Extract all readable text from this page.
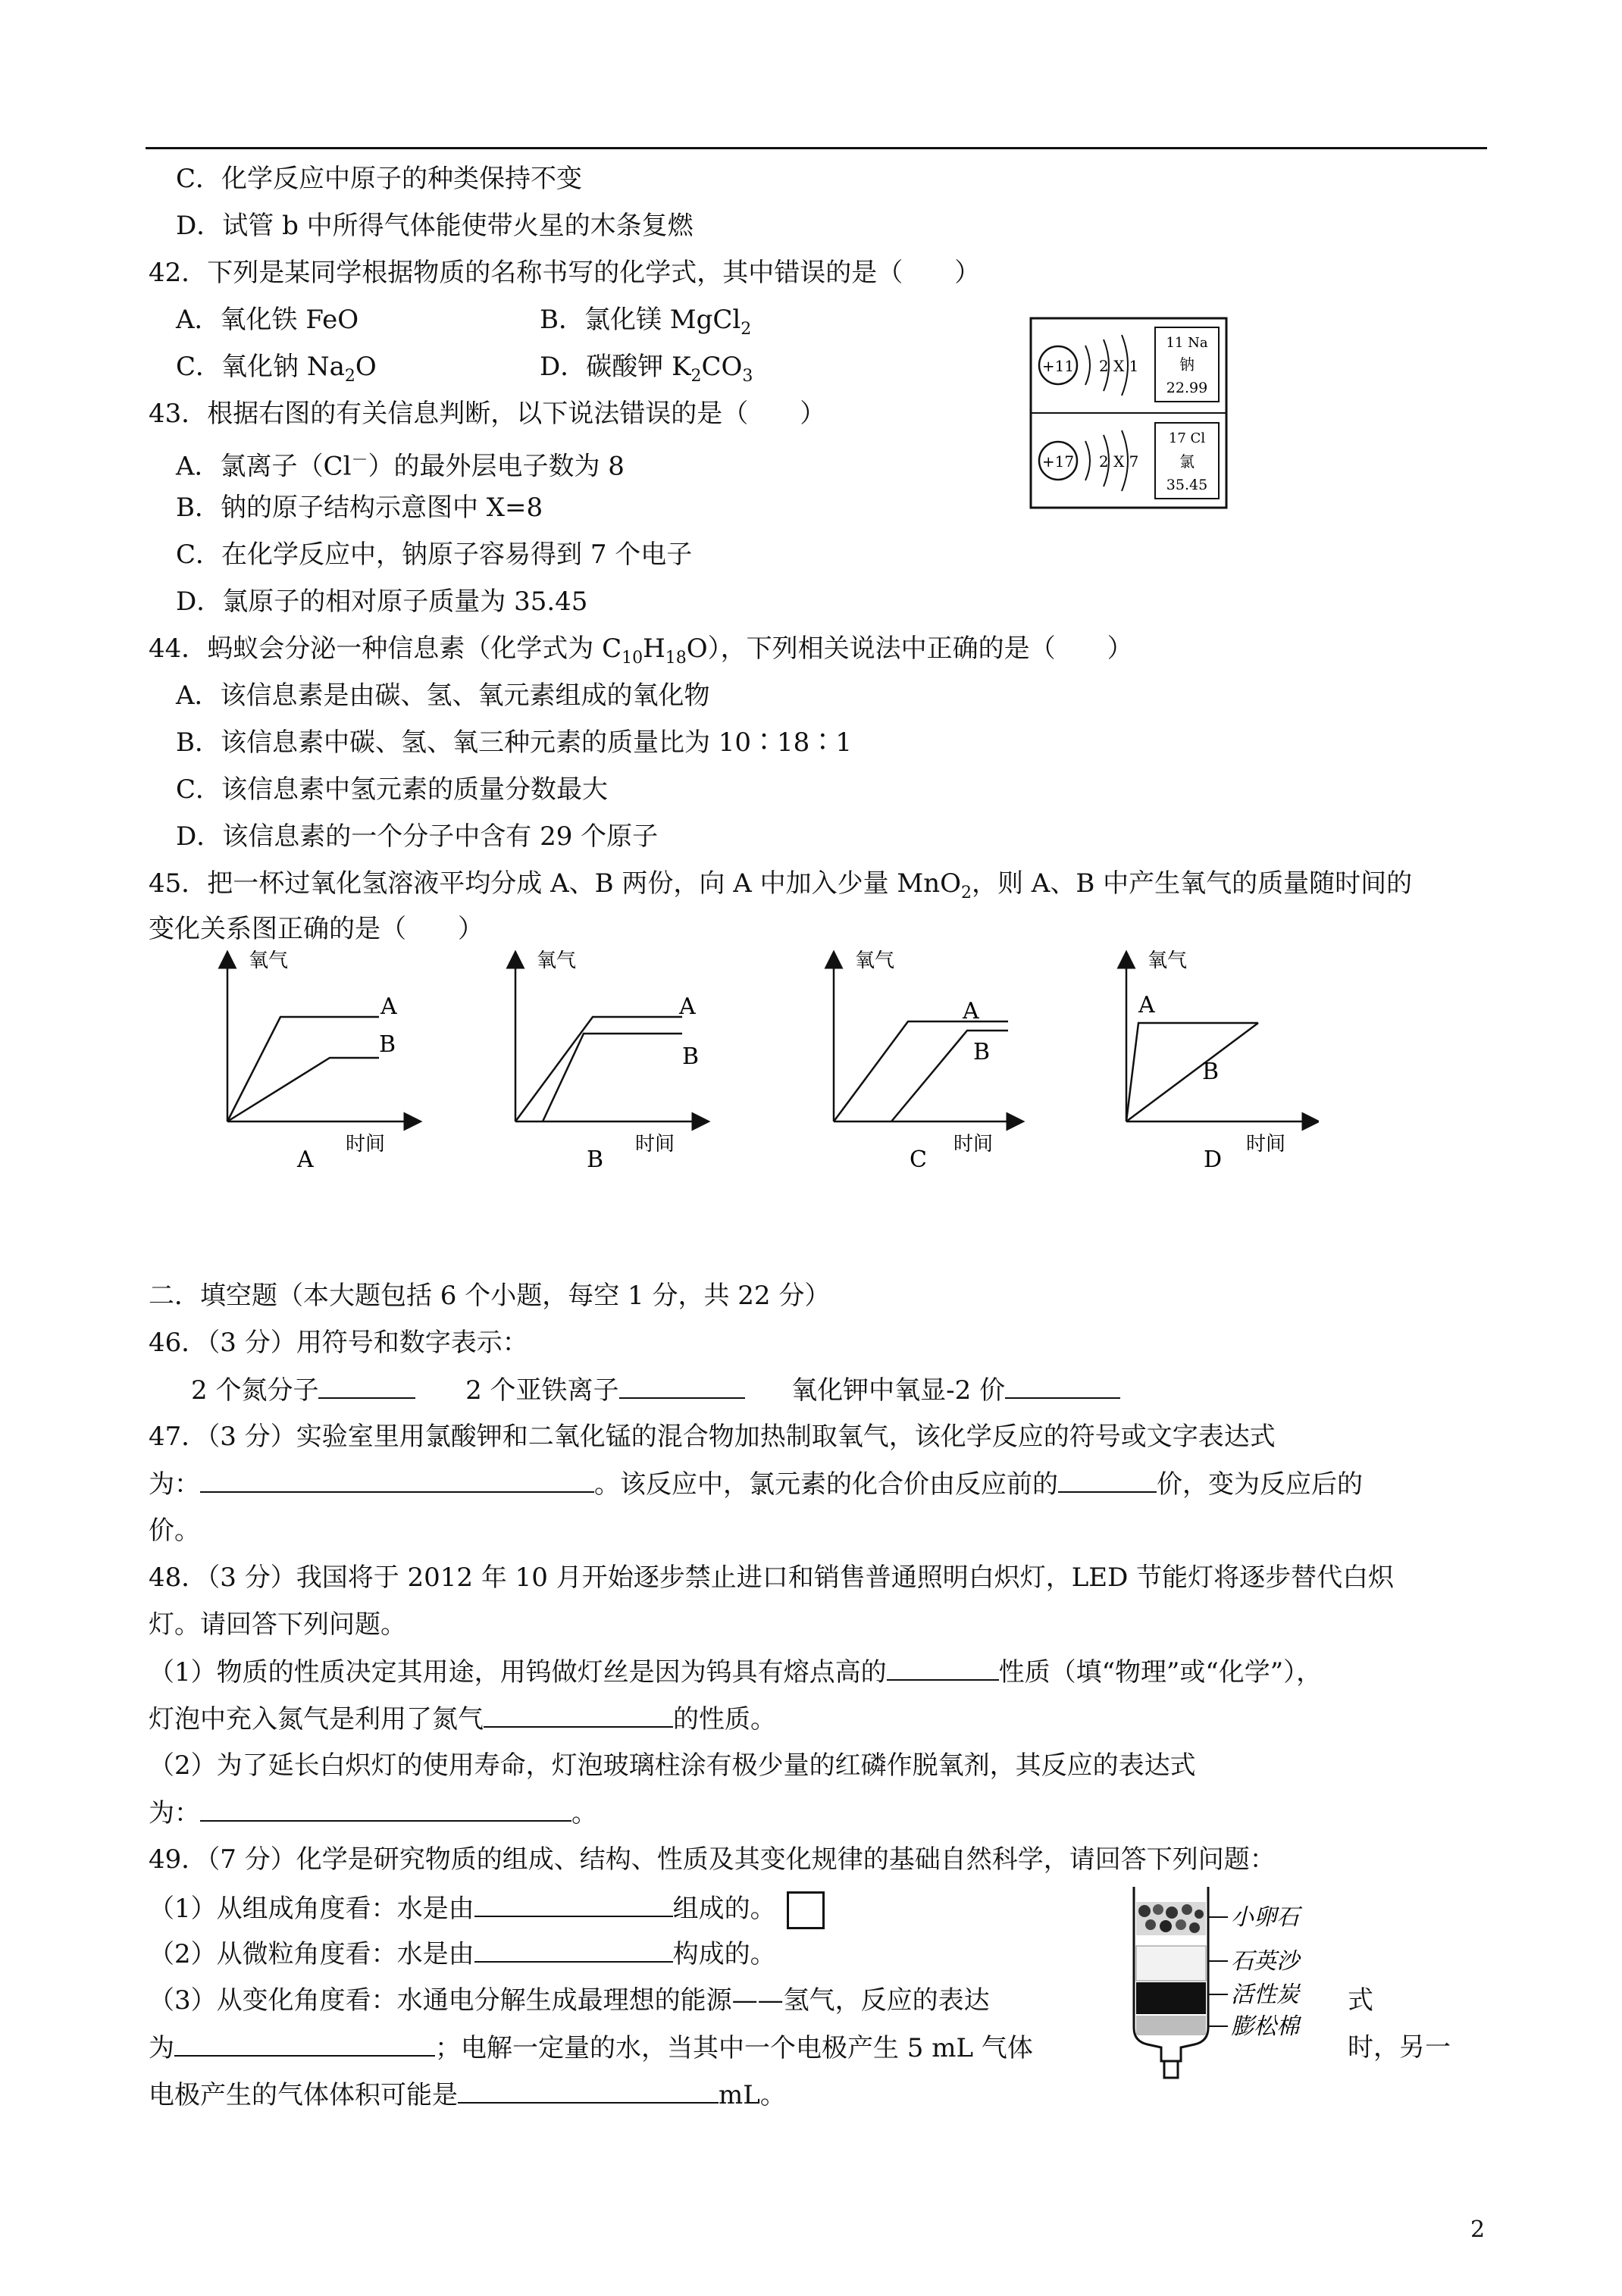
C．化学反应中原子的种类保持不变
D．试管 b 中所得气体能使带火星的木条复燃
42．下列是某同学根据物质的名称书写的化学式，其中错误的是（　　）
A．氧化铁 FeO	B．氯化镁 MgCl$_2$
C．氧化钠 $Na_2O$	D．碳酸钾 $K_2CO_3$
+11 2 X 1
11 Na
钠
22.99
+17 2 X 7
17 Cl
氯
35.45
43．根据右图的有关信息判断，以下说法错误的是（　　）
A．氯离子（Cl－）的最外层电子数为 8
B．钠的原子结构示意图中 X=8
C．在化学反应中，钠原子容易得到 7 个电子
D．氯原子的相对原子质量为 35.45
44．蚂蚁会分泌一种信息素（化学式为 $C_{10}H_{18}O$），下列相关说法中正确的是（　　）
A．该信息素是由碳、氢、氧元素组成的氧化物
B．该信息素中碳、氢、氧三种元素的质量比为 10∶18∶1
C．该信息素中氢元素的质量分数最大
D．该信息素的一个分子中含有 29 个原子
45．把一杯过氧化氢溶液平均分成 A、B 两份，向 A 中加入少量 MnO$_2$，则 A、B 中产生氧气的质量随时间的
变化关系图正确的是（　　）
氧气
时间
A
A
B
氧气
时间
B
A
B
氧气
时间
C
A
B
氧气
时间
D
A
B
二．填空题（本大题包括 6 个小题，每空 1 分，共 22 分）
46．（3 分）用符号和数字表示：
2 个氮分子	2 个亚铁离子	氧化钾中氧显-2 价
47．（3 分）实验室里用氯酸钾和二氧化锰的混合物加热制取氧气，该化学反应的符号或文字表达式
为：	。该反应中，氯元素的化合价由反应前的	价，变为反应后的
价。
48．（3 分）我国将于 2012 年 10 月开始逐步禁止进口和销售普通照明白炽灯，LED 节能灯将逐步替代白炽
灯。请回答下列问题。
（1）物质的性质决定其用途，用钨做灯丝是因为钨具有熔点高的	性质（填“物理”或“化学”），
灯泡中充入氮气是利用了氮气	的性质。
（2）为了延长白炽灯的使用寿命，灯泡玻璃柱涂有极少量的红磷作脱氧剂，其反应的表达式
为：	。
49．（7 分）化学是研究物质的组成、结构、性质及其变化规律的基础自然科学，请回答下列问题：
（1）从组成角度看：水是由	组成的。
（2）从微粒角度看：水是由	构成的。
（3）从变化角度看：水通电分解生成最理想的能源——氢气，反应的表达	式
为	；电解一定量的水，当其中一个电极产生 5 mL 气体	时，另一
电极产生的气体体积可能是	mL。
小卵石
石英沙
活性炭
膨松棉
2
